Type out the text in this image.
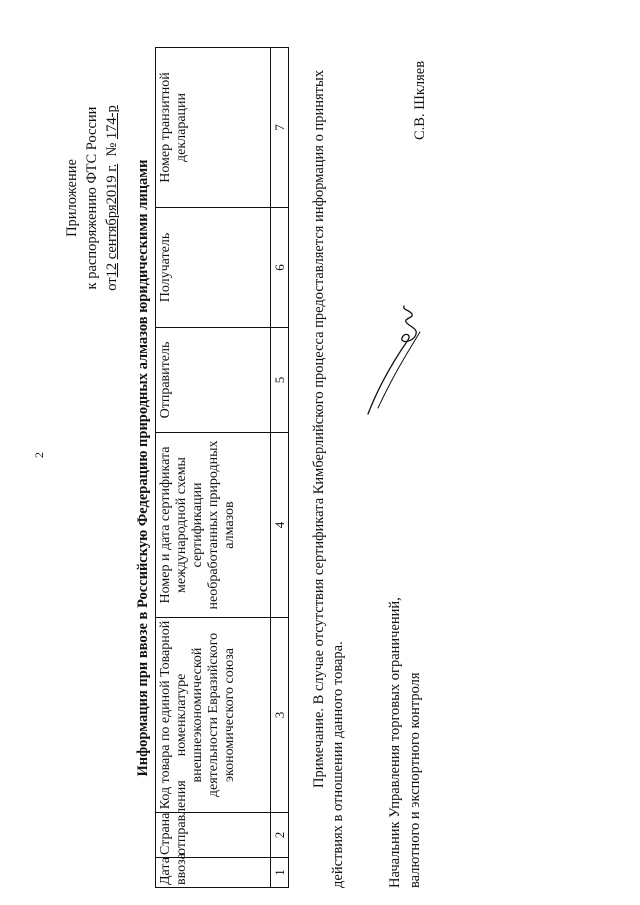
2
Приложение к распоряжению ФТС России от12 сентября2019 г.  № 174-р
Информация при ввозе в Российскую Федерацию природных алмазов юридическими лицами
Дата ввоза	Страна отправления	Код товара по единой Товарной номенклатуре внешнеэкономической деятельности Евразийского экономического союза	Номер и дата сертификата международной схемы сертификации необработанных природных алмазов	Отправитель	Получатель	Номер транзитной декларации
1	2	3	4	5	6	7
Примечание. В случае отсутствия сертификата Кимберлийского процесса предоставляется информация о принятых действиях в отношении данного товара.	Начальник Управления торговых ограничений, валютного и экспортного контроля
С.В. Шкляев
